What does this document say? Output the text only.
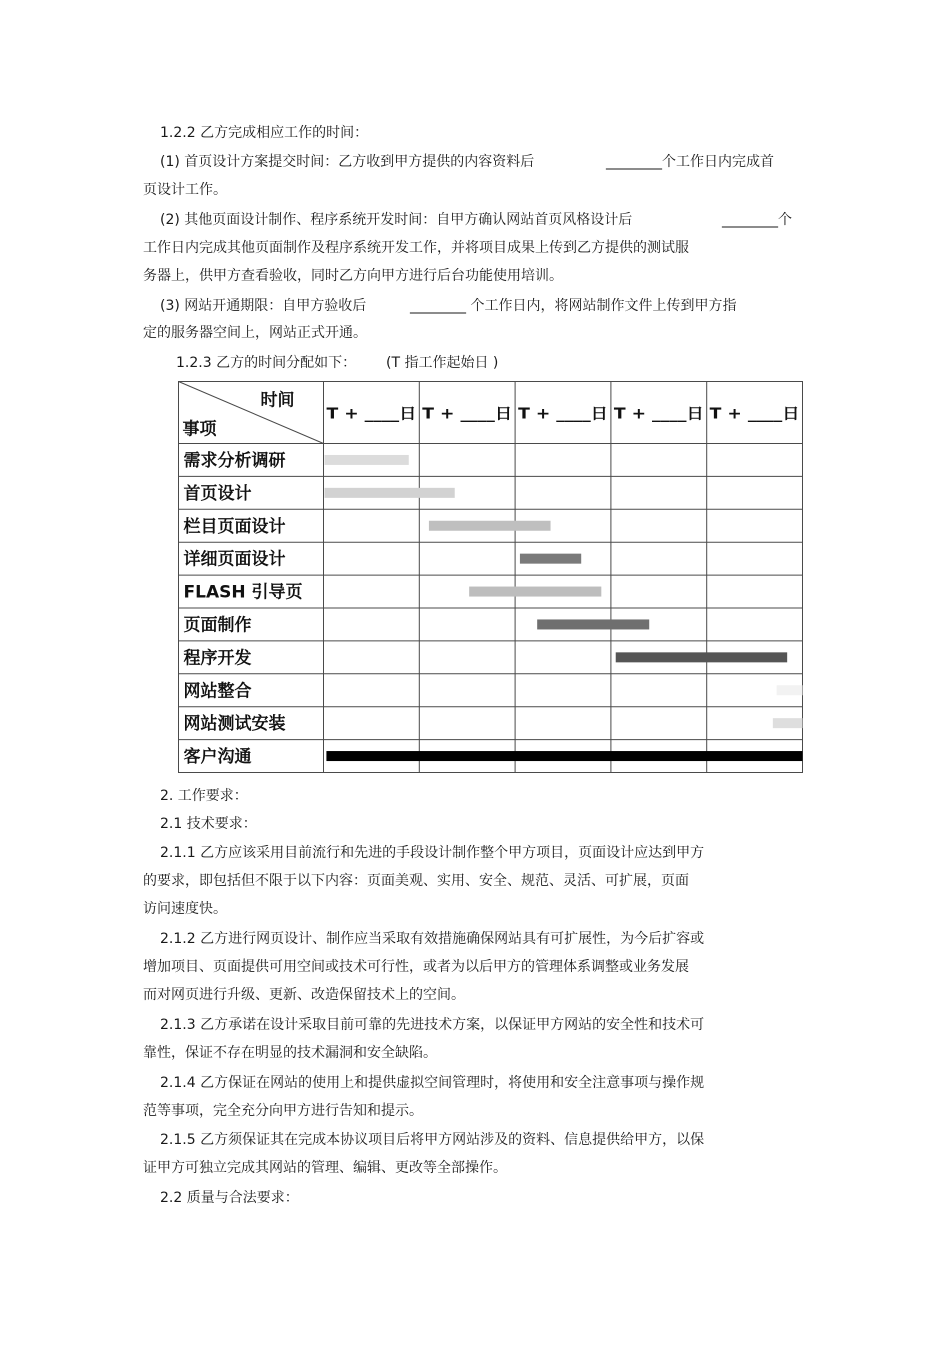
1.2.2 乙方完成相应工作的时间：
(1) 首页设计方案提交时间：乙方收到甲方提供的内容资料后	________个工作日内完成首
页设计工作。
(2) 其他页面设计制作、程序系统开发时间：自甲方确认网站首页风格设计后	________个
工作日内完成其他页面制作及程序系统开发工作，并将项目成果上传到乙方提供的测试服
务器上，供甲方查看验收，同时乙方向甲方进行后台功能使用培训。
(3) 网站开通期限：自甲方验收后	________ 个工作日内，将网站制作文件上传到甲方指
定的服务器空间上，网站正式开通。
1.2.3 乙方的时间分配如下： (T 指工作起始日 )
时间
事项
T + ____日 T + ____日 T + ____日 T + ____日 T + ____日
需求分析调研
首页设计
栏目页面设计
详细页面设计
FLASH 引导页
页面制作
程序开发
网站整合
网站测试安装
客户沟通
2. 工作要求：
2.1 技术要求：
2.1.1 乙方应该采用目前流行和先进的手段设计制作整个甲方项目，页面设计应达到甲方
的要求，即包括但不限于以下内容：页面美观、实用、安全、规范、灵活、可扩展，页面
访问速度快。
2.1.2 乙方进行网页设计、制作应当采取有效措施确保网站具有可扩展性，为今后扩容或
增加项目、页面提供可用空间或技术可行性，或者为以后甲方的管理体系调整或业务发展
而对网页进行升级、更新、改造保留技术上的空间。
2.1.3 乙方承诺在设计采取目前可靠的先进技术方案，以保证甲方网站的安全性和技术可
靠性，保证不存在明显的技术漏洞和安全缺陷。
2.1.4 乙方保证在网站的使用上和提供虚拟空间管理时，将使用和安全注意事项与操作规
范等事项，完全充分向甲方进行告知和提示。
2.1.5 乙方须保证其在完成本协议项目后将甲方网站涉及的资料、信息提供给甲方，以保
证甲方可独立完成其网站的管理、编辑、更改等全部操作。
2.2 质量与合法要求：
